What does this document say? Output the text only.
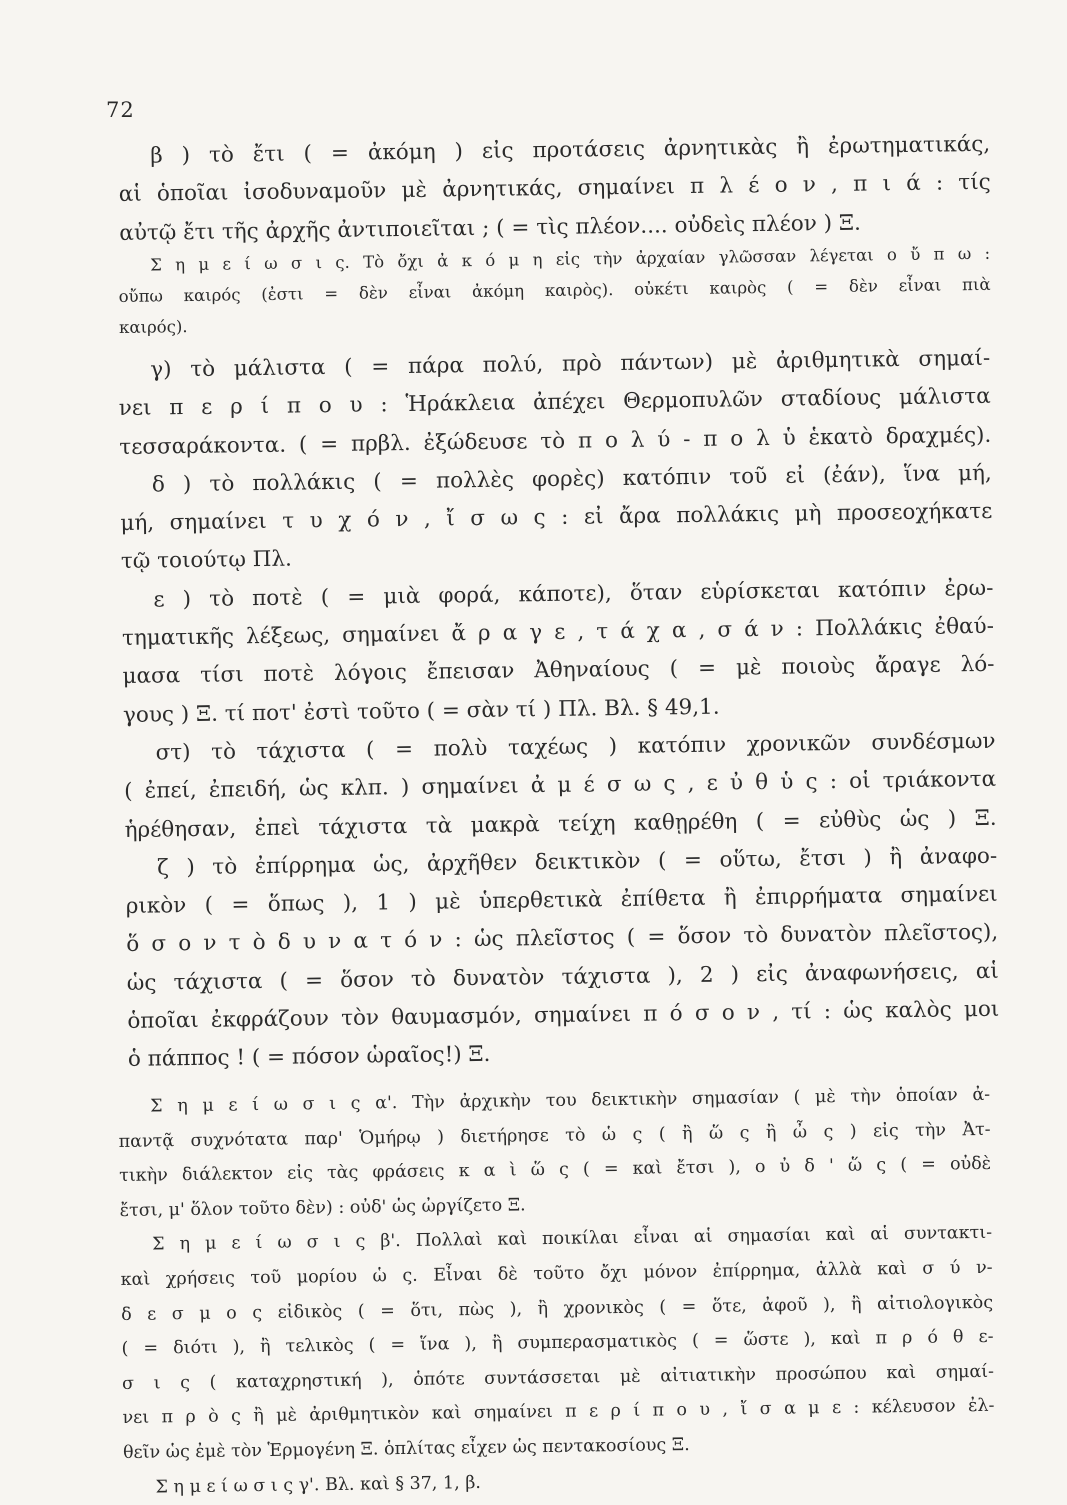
72
β ) τὸ ἔτι ( = ἀκόμη ) εἰς προτάσεις ἀρνητικὰς ἢ ἐρωτηματικάς,
αἱ ὁποῖαι ἰσοδυναμοῦν μὲ ἀρνητικάς, σημαίνει π λ έ ο ν , π ι ά : τίς
αὐτῷ ἔτι τῆς ἀρχῆς ἀντιποιεῖται ; ( = τὶς πλέον.... οὐδεὶς πλέον ) Ξ.
Σ η μ ε ί ω σ ι ς. Τὸ ὄχι ἀ κ ό μ η εἰς τὴν ἀρχαίαν γλῶσσαν λέγεται ο ὔ π ω :
οὔπω καιρός (ἐστι = δὲν εἶναι ἀκόμη καιρὸς). οὐκέτι καιρὸς ( = δὲν εἶναι πιὰ
καιρός).
γ) τὸ μάλιστα ( = πάρα πολύ, πρὸ πάντων) μὲ ἀριθμητικὰ σημαί-
νει π ε ρ ί π ο υ : Ἡράκλεια ἀπέχει Θερμοπυλῶν σταδίους μάλιστα
τεσσαράκοντα. ( = πρβλ. ἐξώδευσε τὸ π ο λ ύ - π ο λ ὑ ἑκατὸ δραχμές).
δ ) τὸ πολλάκις ( = πολλὲς φορὲς) κατόπιν τοῦ εἰ (ἐάν), ἵνα μή,
μή, σημαίνει τ υ χ ό ν , ἴ σ ω ς : εἰ ἄρα πολλάκις μὴ προσεοχήκατε
τῷ τοιούτῳ Πλ.
ε ) τὸ ποτὲ ( = μιὰ φορά, κάποτε), ὅταν εὑρίσκεται κατόπιν ἐρω-
τηματικῆς λέξεως, σημαίνει ἄ ρ α γ ε , τ ά χ α , σ ά ν : Πολλάκις ἐθαύ-
μασα τίσι ποτὲ λόγοις ἔπεισαν Ἀθηναίους ( = μὲ ποιοὺς ἄραγε λό-
γους ) Ξ. τί ποτ' ἐστὶ τοῦτο ( = σὰν τί ) Πλ. Βλ. § 49,1.
στ) τὸ τάχιστα ( = πολὺ ταχέως ) κατόπιν χρονικῶν συνδέσμων
( ἐπεί, ἐπειδή, ὡς κλπ. ) σημαίνει ἀ μ έ σ ω ς , ε ὐ θ ὑ ς : οἱ τριάκοντα
ἡρέθησαν, ἐπεὶ τάχιστα τὰ μακρὰ τείχη καθῃρέθη ( = εὐθὺς ὡς ) Ξ.
ζ ) τὸ ἐπίρρημα ὡς, ἀρχῆθεν δεικτικὸν ( = οὕτω, ἔτσι ) ἢ ἀναφο-
ρικὸν ( = ὅπως ), 1 ) μὲ ὑπερθετικὰ ἐπίθετα ἢ ἐπιρρήματα σημαίνει
ὅ σ ο ν τ ὸ δ υ ν α τ ό ν : ὡς πλεῖστος ( = ὅσον τὸ δυνατὸν πλεῖστος),
ὡς τάχιστα ( = ὅσον τὸ δυνατὸν τάχιστα ), 2 ) εἰς ἀναφωνήσεις, αἱ
ὁποῖαι ἐκφράζουν τὸν θαυμασμόν, σημαίνει π ό σ ο ν , τί : ὡς καλὸς μοι
ὁ πάππος ! ( = πόσον ὡραῖος!) Ξ.
Σ η μ ε ί ω σ ι ς α'. Τὴν ἀρχικὴν του δεικτικὴν σημασίαν ( μὲ τὴν ὁποίαν ἀ-
παντᾷ συχνότατα παρ' Ὁμήρῳ ) διετήρησε τὸ ὡ ς ( ἢ ὥ ς ἢ ὦ ς ) εἰς τὴν Ἀτ-
τικὴν διάλεκτον εἰς τὰς φράσεις κ α ὶ ὥ ς ( = καὶ ἔτσι ), ο ὐ δ ' ὥ ς ( = οὐδὲ
ἔτσι, μ' ὅλον τοῦτο δὲν) : οὐδ' ὡς ὠργίζετο Ξ.
Σ η μ ε ί ω σ ι ς β'. Πολλαὶ καὶ ποικίλαι εἶναι αἱ σημασίαι καὶ αἱ συντακτι-
καὶ χρήσεις τοῦ μορίου ὡ ς. Εἶναι δὲ τοῦτο ὄχι μόνον ἐπίρρημα, ἀλλὰ καὶ σ ύ ν-
δ ε σ μ ο ς εἰδικὸς ( = ὅτι, πὼς ), ἢ χρονικὸς ( = ὅτε, ἀφοῦ ), ἢ αἰτιολογικὸς
( = διότι ), ἢ τελικὸς ( = ἵνα ), ἢ συμπερασματικὸς ( = ὥστε ), καὶ π ρ ό θ ε-
σ ι ς ( καταχρηστική ), ὁπότε συντάσσεται μὲ αἰτιατικὴν προσώπου καὶ σημαί-
νει π ρ ὸ ς ἢ μὲ ἀριθμητικὸν καὶ σημαίνει π ε ρ ί π ο υ , ἴ σ α μ ε : κέλευσον ἐλ-
θεῖν ὡς ἐμὲ τὸν Ἑρμογένη Ξ. ὁπλίτας εἶχεν ὡς πεντακοσίους Ξ.
Σ η μ ε ί ω σ ι ς γ'. Βλ. καὶ § 37, 1, β.
